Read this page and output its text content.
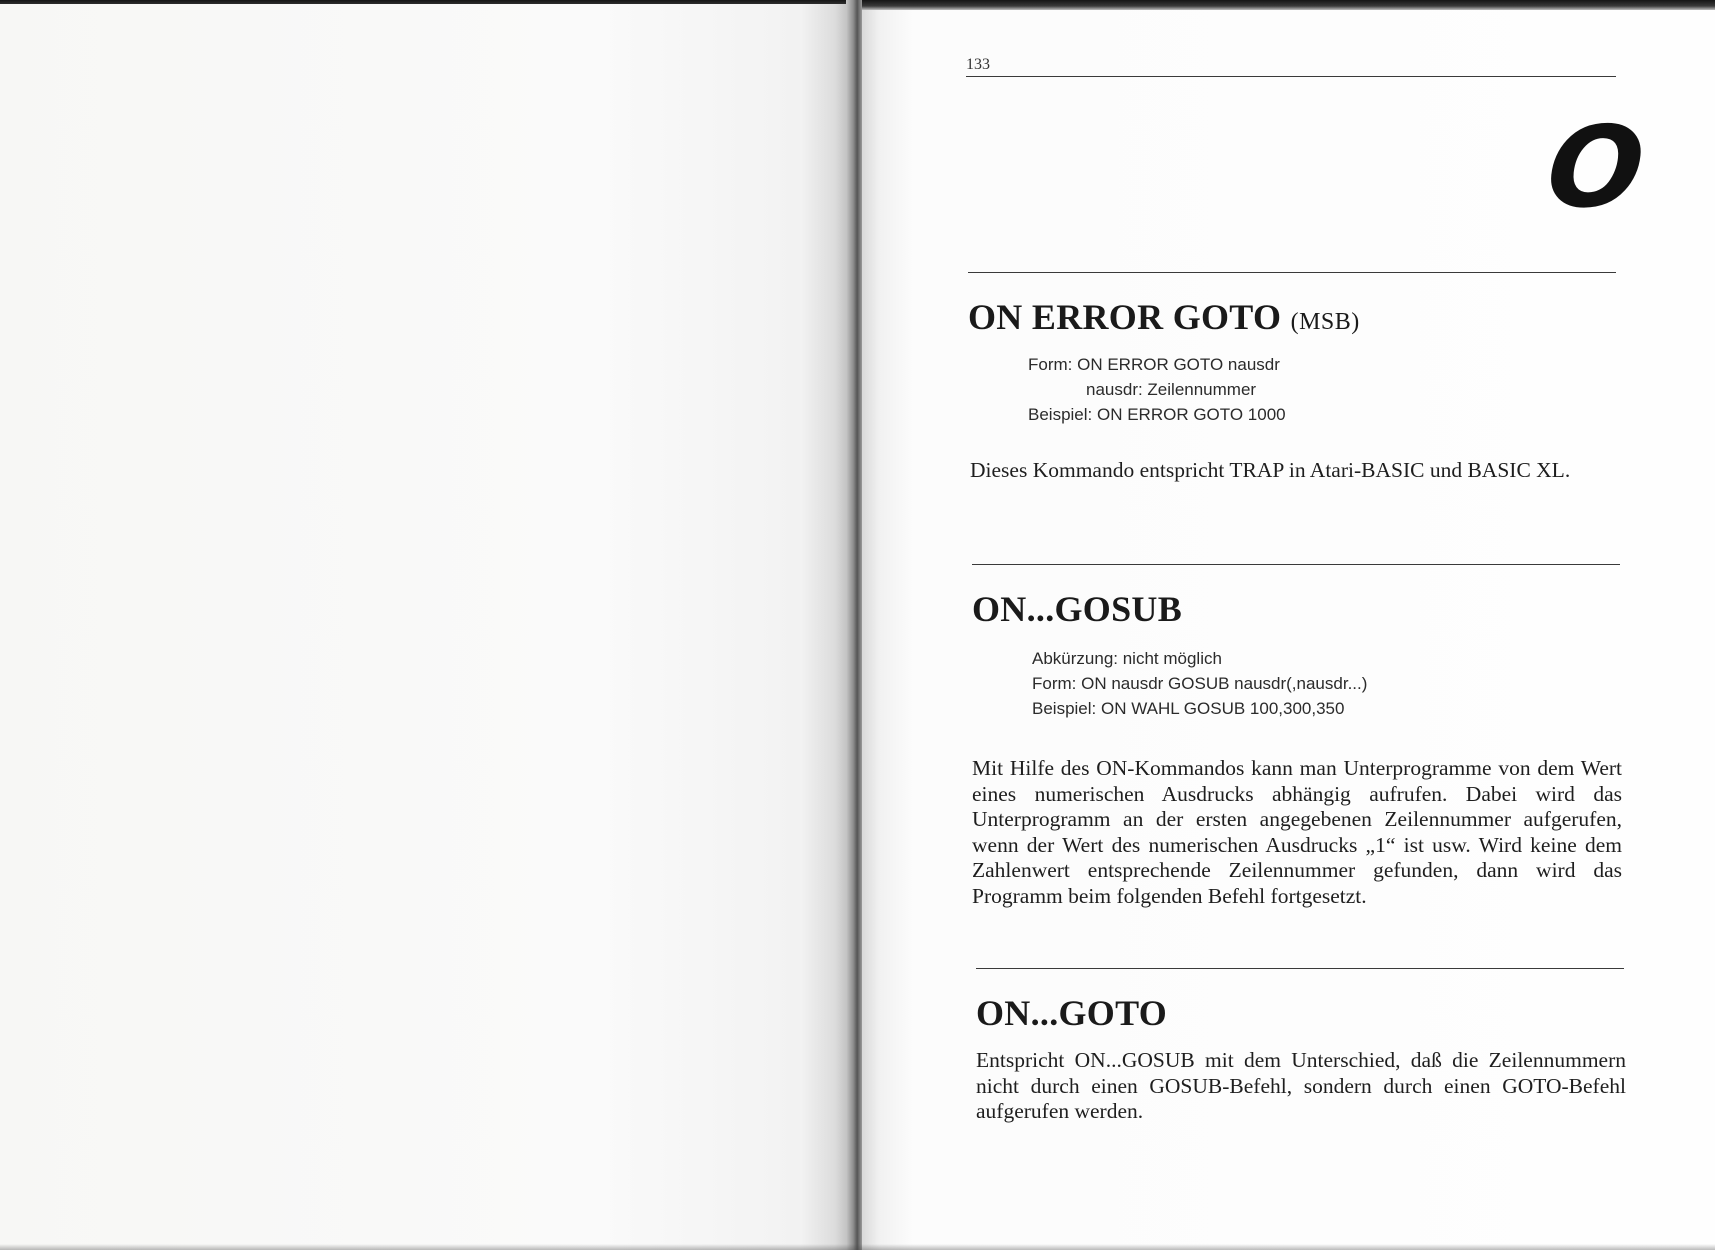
133
O
ON ERROR GOTO (MSB)
Form: ON ERROR GOTO nausdr
nausdr: Zeilennummer
Beispiel: ON ERROR GOTO 1000
Dieses Kommando entspricht TRAP in Atari-BASIC und BASIC XL.
ON...GOSUB
Abkürzung: nicht möglich
Form: ON nausdr GOSUB nausdr(,nausdr...)
Beispiel: ON WAHL GOSUB 100,300,350
Mit Hilfe des ON-Kommandos kann man Unterprogramme von dem Wert eines numerischen Ausdrucks abhängig aufrufen. Dabei wird das Unterprogramm an der ersten angegebenen Zeilennummer aufgerufen, wenn der Wert des numerischen Ausdrucks „1“ ist usw. Wird keine dem Zahlenwert entsprechende Zeilennummer gefunden, dann wird das Programm beim folgenden Befehl fortgesetzt.
ON...GOTO
Entspricht ON...GOSUB mit dem Unterschied, daß die Zeilennummern nicht durch einen GOSUB-Befehl, sondern durch einen GOTO-Befehl aufgerufen werden.
